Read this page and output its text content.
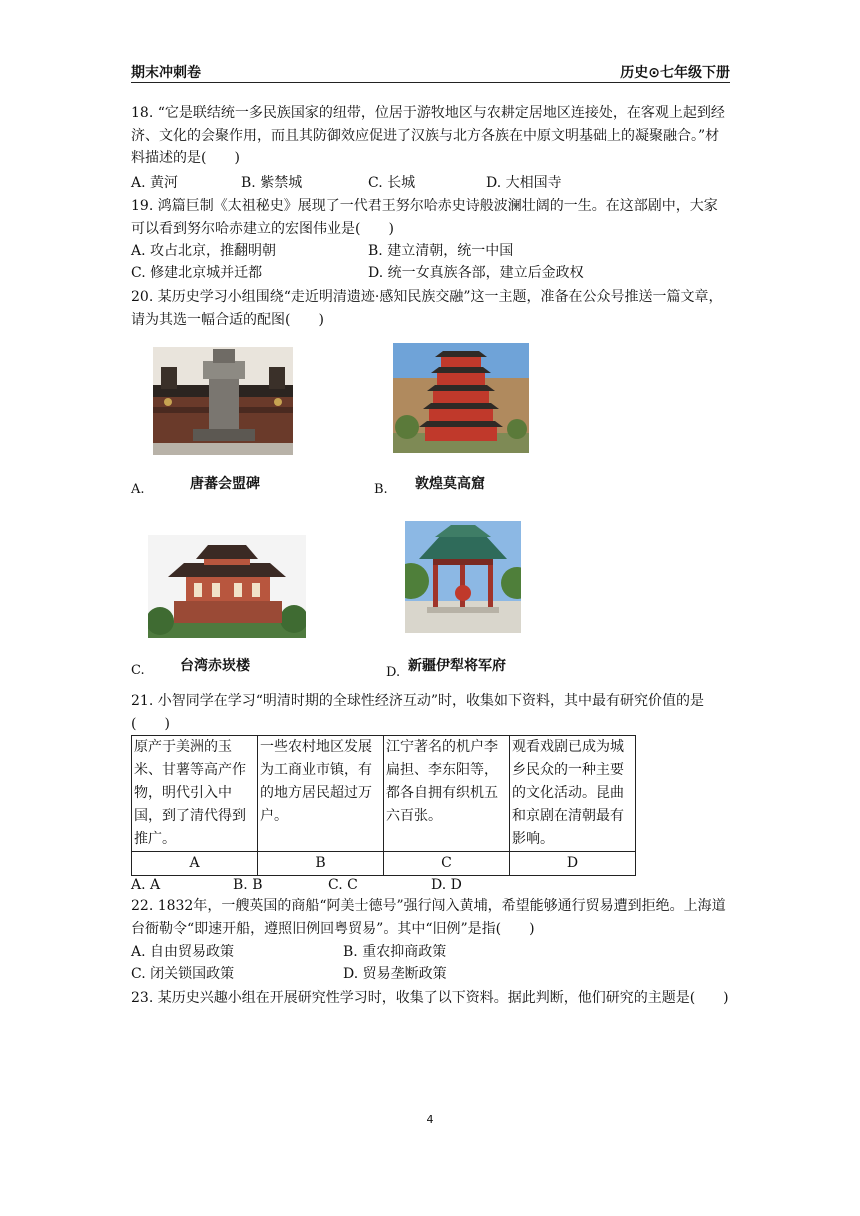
期末冲刺卷	历史⊙七年级下册
18. “它是联结统一多民族国家的纽带，位居于游牧地区与农耕定居地区连接处，在客观上起到经济、文化的会聚作用，而且其防御效应促进了汉族与北方各族在中原文明基础上的凝聚融合。”材料描述的是(　　)
A. 黄河	B. 紫禁城	C. 长城	D. 大相国寺
19. 鸿篇巨制《太祖秘史》展现了一代君王努尔哈赤史诗般波澜壮阔的一生。在这部剧中，大家可以看到努尔哈赤建立的宏图伟业是(　　)
A. 攻占北京，推翻明朝	B. 建立清朝，统一中国
C. 修建北京城并迁都	D. 统一女真族各部，建立后金政权
20. 某历史学习小组围绕“走近明清遗迹·感知民族交融”这一主题，准备在公众号推送一篇文章，请为其选一幅合适的配图(　　)
A.	唐蕃会盟碑	B. 敦煌莫高窟
C.	台湾赤崁楼	D. 新疆伊犁将军府
21. 小智同学在学习“明清时期的全球性经济互动”时，收集如下资料，其中最有研究价值的是(　　)
原产于美洲的玉米、甘薯等高产作物，明代引入中国，到了清代得到推广。	一些农村地区发展为工商业市镇，有的地方居民超过万户。	江宁著名的机户李扁担、李东阳等，都各自拥有织机五六百张。	观看戏剧已成为城乡民众的一种主要的文化活动。昆曲和京剧在清朝最有影响。
A	B	C	D
A. A	B. B	C. C	D. D
22. 1832年，一艘英国的商船“阿美士德号”强行闯入黄埔，希望能够通行贸易遭到拒绝。上海道台衙勒令“即速开船，遵照旧例回粤贸易”。其中“旧例”是指(　　)
A. 自由贸易政策	B. 重农抑商政策
C. 闭关锁国政策	D. 贸易垄断政策
23. 某历史兴趣小组在开展研究性学习时，收集了以下资料。据此判断，他们研究的主题是(　　)
4
